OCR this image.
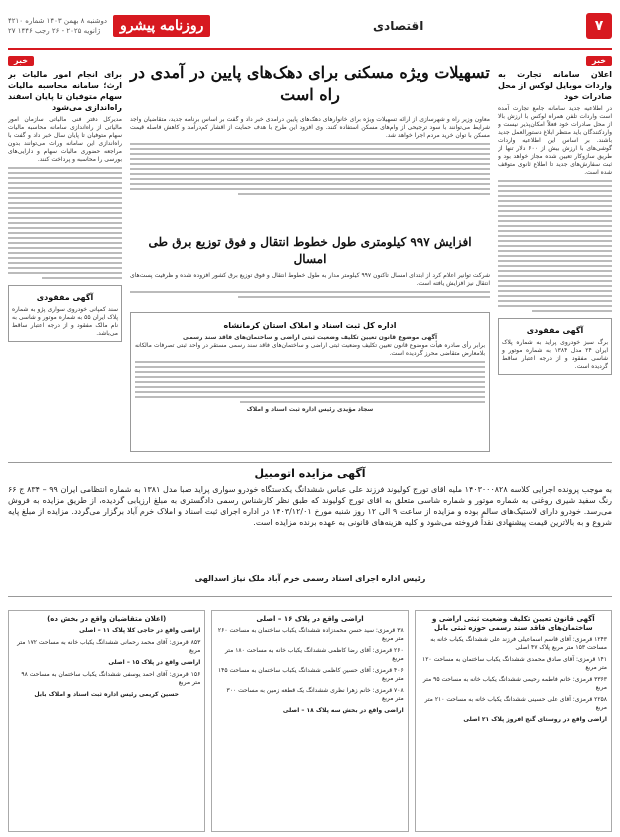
۷
اقتصادی
دوشنبه ۸ بهمن ۱۴۰۳ شماره ۴۲۱۰
۲۷ ژانویه ۲۰۲۵ - ۲۶ رجب ۱۴۴۶	روزنامه پیشرو
خبر
اعلان سامانه تجارت به واردات موبایل لوکس از محل صادرات خود
در اطلاعیه جدید سامانه جامع تجارت آمده است واردات تلفن همراه لوکس با ارزش بالا از محل صادرات خود فعلاً امکان‌پذیر نیست و واردکنندگان باید منتظر ابلاغ دستورالعمل جدید باشند. بر اساس این اطلاعیه واردات گوشی‌های با ارزش بیش از ۶۰۰ دلار تنها از طریق سازوکار تعیین شده مجاز خواهد بود و ثبت سفارش‌های جدید تا اطلاع ثانوی متوقف شده است.
آگهی مفقودی
برگ سبز خودروی پراید به شماره پلاک ایران ۲۴ مدل ۱۳۸۴ به شماره موتور و شاسی مفقود و از درجه اعتبار ساقط گردیده است.
خبر
برای انجام امور مالیات بر ارث؛ سامانه محاسبه مالیات سهام متوفیان تا پایان اسفند راه‌اندازی می‌شود
مدیرکل دفتر فنی مالیاتی سازمان امور مالیاتی از راه‌اندازی سامانه محاسبه مالیات سهام متوفیان تا پایان سال خبر داد و گفت با راه‌اندازی این سامانه وراث می‌توانند بدون مراجعه حضوری مالیات سهام و دارایی‌های بورسی را محاسبه و پرداخت کنند.
آگهی مفقودی
سند کمپانی خودروی سواری پژو به شماره پلاک ایران ۵۵ به شماره موتور و شاسی به نام مالک مفقود و از درجه اعتبار ساقط می‌باشد.
تسهیلات ویژه مسکنی برای دهک‌های پایین در آمدی در راه است
معاون وزیر راه و شهرسازی از ارائه تسهیلات ویژه برای خانوارهای دهک‌های پایین درآمدی خبر داد و گفت بر اساس برنامه جدید، متقاضیان واجد شرایط می‌توانند با سود ترجیحی از وام‌های مسکن استفاده کنند. وی افزود این طرح با هدف حمایت از اقشار کم‌درآمد و کاهش فاصله قیمت مسکن با توان خرید مردم اجرا خواهد شد.
افزایش ۹۹۷ کیلومتری طول خطوط انتقال و فوق توزیع برق طی امسال
شرکت توانیر اعلام کرد از ابتدای امسال تاکنون ۹۹۷ کیلومتر مدار به طول خطوط انتقال و فوق توزیع برق کشور افزوده شده و ظرفیت پست‌های انتقال نیز افزایش یافته است.
اداره کل ثبت اسناد و املاک استان کرمانشاه
آگهی موضوع قانون تعیین تکلیف وضعیت ثبتی اراضی و ساختمان‌های فاقد سند رسمی
برابر رأی صادره هیأت موضوع قانون تعیین تکلیف وضعیت ثبتی اراضی و ساختمان‌های فاقد سند رسمی مستقر در واحد ثبتی تصرفات مالکانه بلامعارض متقاضی محرز گردیده است.
سجاد مؤیدی رئیس اداره ثبت اسناد و املاک
آگهی مزایده اتومبیل
به موجب پرونده اجرایی کلاسه ۱۴۰۳۰۰۰۸۲۸ ملیه اقای تورج کولیوند فرزند علی عباس ششدانگ یکدستگاه خودرو سواری پراید صبا مدل ۱۳۸۱ به شماره انتظامی ایران ۹۹ – ۸۳۴ ج ۶۶ رنگ سفید شیری روغنی به شماره موتور و شماره شاسی متعلق به اقای تورج کولیوند که طبق نظر کارشناس رسمی دادگستری به مبلغ ارزیابی گردیده، از طریق مزایده به فروش می‌رسد. خودرو دارای لاستیک‌های سالم بوده و مزایده از ساعت ۹ الی ۱۲ روز شنبه مورخ ۱۴۰۳/۱۲/۰۱ در اداره اجرای ثبت اسناد و املاک خرم آباد برگزار می‌گردد. مزایده از مبلغ پایه شروع و به بالاترین قیمت پیشنهادی نقداً فروخته می‌شود و کلیه هزینه‌های قانونی به عهده برنده مزایده است.
رئیس اداره اجرای اسناد رسمی خرم آباد ملک نیاز اسدالهی
آگهی قانون تعیین تکلیف وضعیت ثبتی اراضی و ساختمان‌های فاقد سند رسمی حوزه ثبتی بابل
۱۲۴۳ قرمزی: آقای قاسم اسماعیلی فرزند علی ششدانگ یکباب خانه به مساحت ۱۵۳ متر مربع پلاک ۴۷ اصلی
۱۴۱ قرمزی: آقای صادق محمدی ششدانگ یکباب ساختمان به مساحت ۱۲۰ متر مربع
۳۳۶۳ قرمزی: خانم فاطمه رحیمی ششدانگ یکباب خانه به مساحت ۹۵ متر مربع
۲۲۵۸ قرمزی: آقای علی حسینی ششدانگ یکباب خانه به مساحت ۲۱۰ متر مربع
اراضی واقع در روستای گنج افروز پلاک ۲۱ اصلی
اراضی واقع در پلاک ۱۶ – اصلی
۳۸ قرمزی: سید حسن محمدزاده ششدانگ یکباب ساختمان به مساحت ۲۶۰ متر مربع
۲۶۰ قرمزی: آقای رضا کاظمی ششدانگ یکباب خانه به مساحت ۱۸۰ متر مربع
۴۰۶ قرمزی: آقای حسین کاظمی ششدانگ یکباب ساختمان به مساحت ۱۴۵ متر مربع
۷۰۸ قرمزی: خانم زهرا نظری ششدانگ یک قطعه زمین به مساحت ۳۰۰ متر مربع
اراضی واقع در بخش سه پلاک ۱۸ – اصلی
(اعلان متقاضیان واقع در بخش ده)
اراضی واقع در حاجی کلا پلاک ۱۱ – اصلی
۸۵۳ قرمزی: آقای محمد رحمانی ششدانگ یکباب خانه به مساحت ۱۷۲ متر مربع
اراضی واقع در پلاک ۱۵ – اصلی
۱۵۶ قرمزی: آقای احمد یوسفی ششدانگ یکباب ساختمان به مساحت ۹۸ متر مربع
حسین کریمی رئیس اداره ثبت اسناد و املاک بابل
